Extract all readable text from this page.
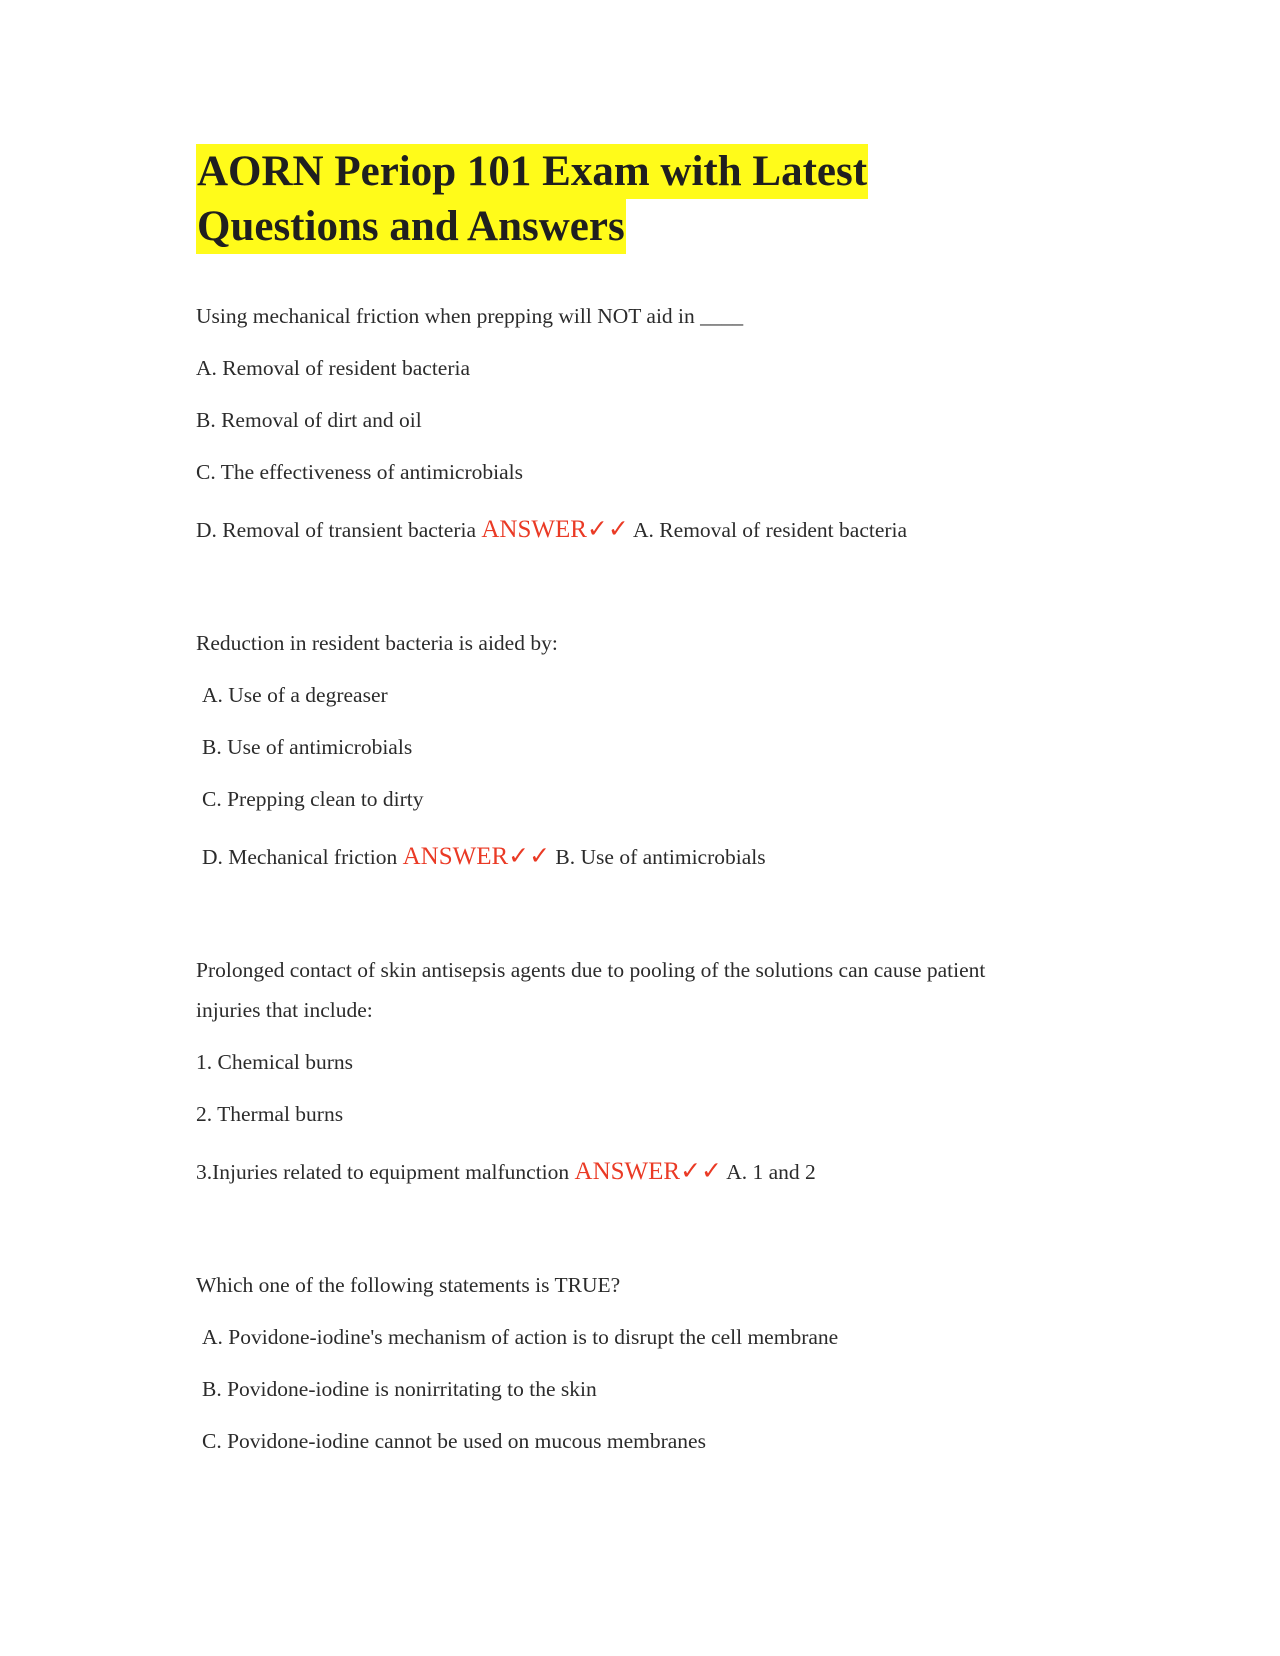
AORN Periop 101 Exam with Latest
Questions and Answers

Using mechanical friction when prepping will NOT aid in ____

A. Removal of resident bacteria

B. Removal of dirt and oil

C. The effectiveness of antimicrobials

D. Removal of transient bacteria ANSWER✓✓ A. Removal of resident bacteria

Reduction in resident bacteria is aided by:

A. Use of a degreaser

B. Use of antimicrobials

C. Prepping clean to dirty

D. Mechanical friction ANSWER✓✓ B. Use of antimicrobials

Prolonged contact of skin antisepsis agents due to pooling of the solutions can cause patient

injuries that include:

1. Chemical burns

2. Thermal burns

3.Injuries related to equipment malfunction ANSWER✓✓ A. 1 and 2

Which one of the following statements is TRUE?

A. Povidone-iodine's mechanism of action is to disrupt the cell membrane

B. Povidone-iodine is nonirritating to the skin

C. Povidone-iodine cannot be used on mucous membranes
